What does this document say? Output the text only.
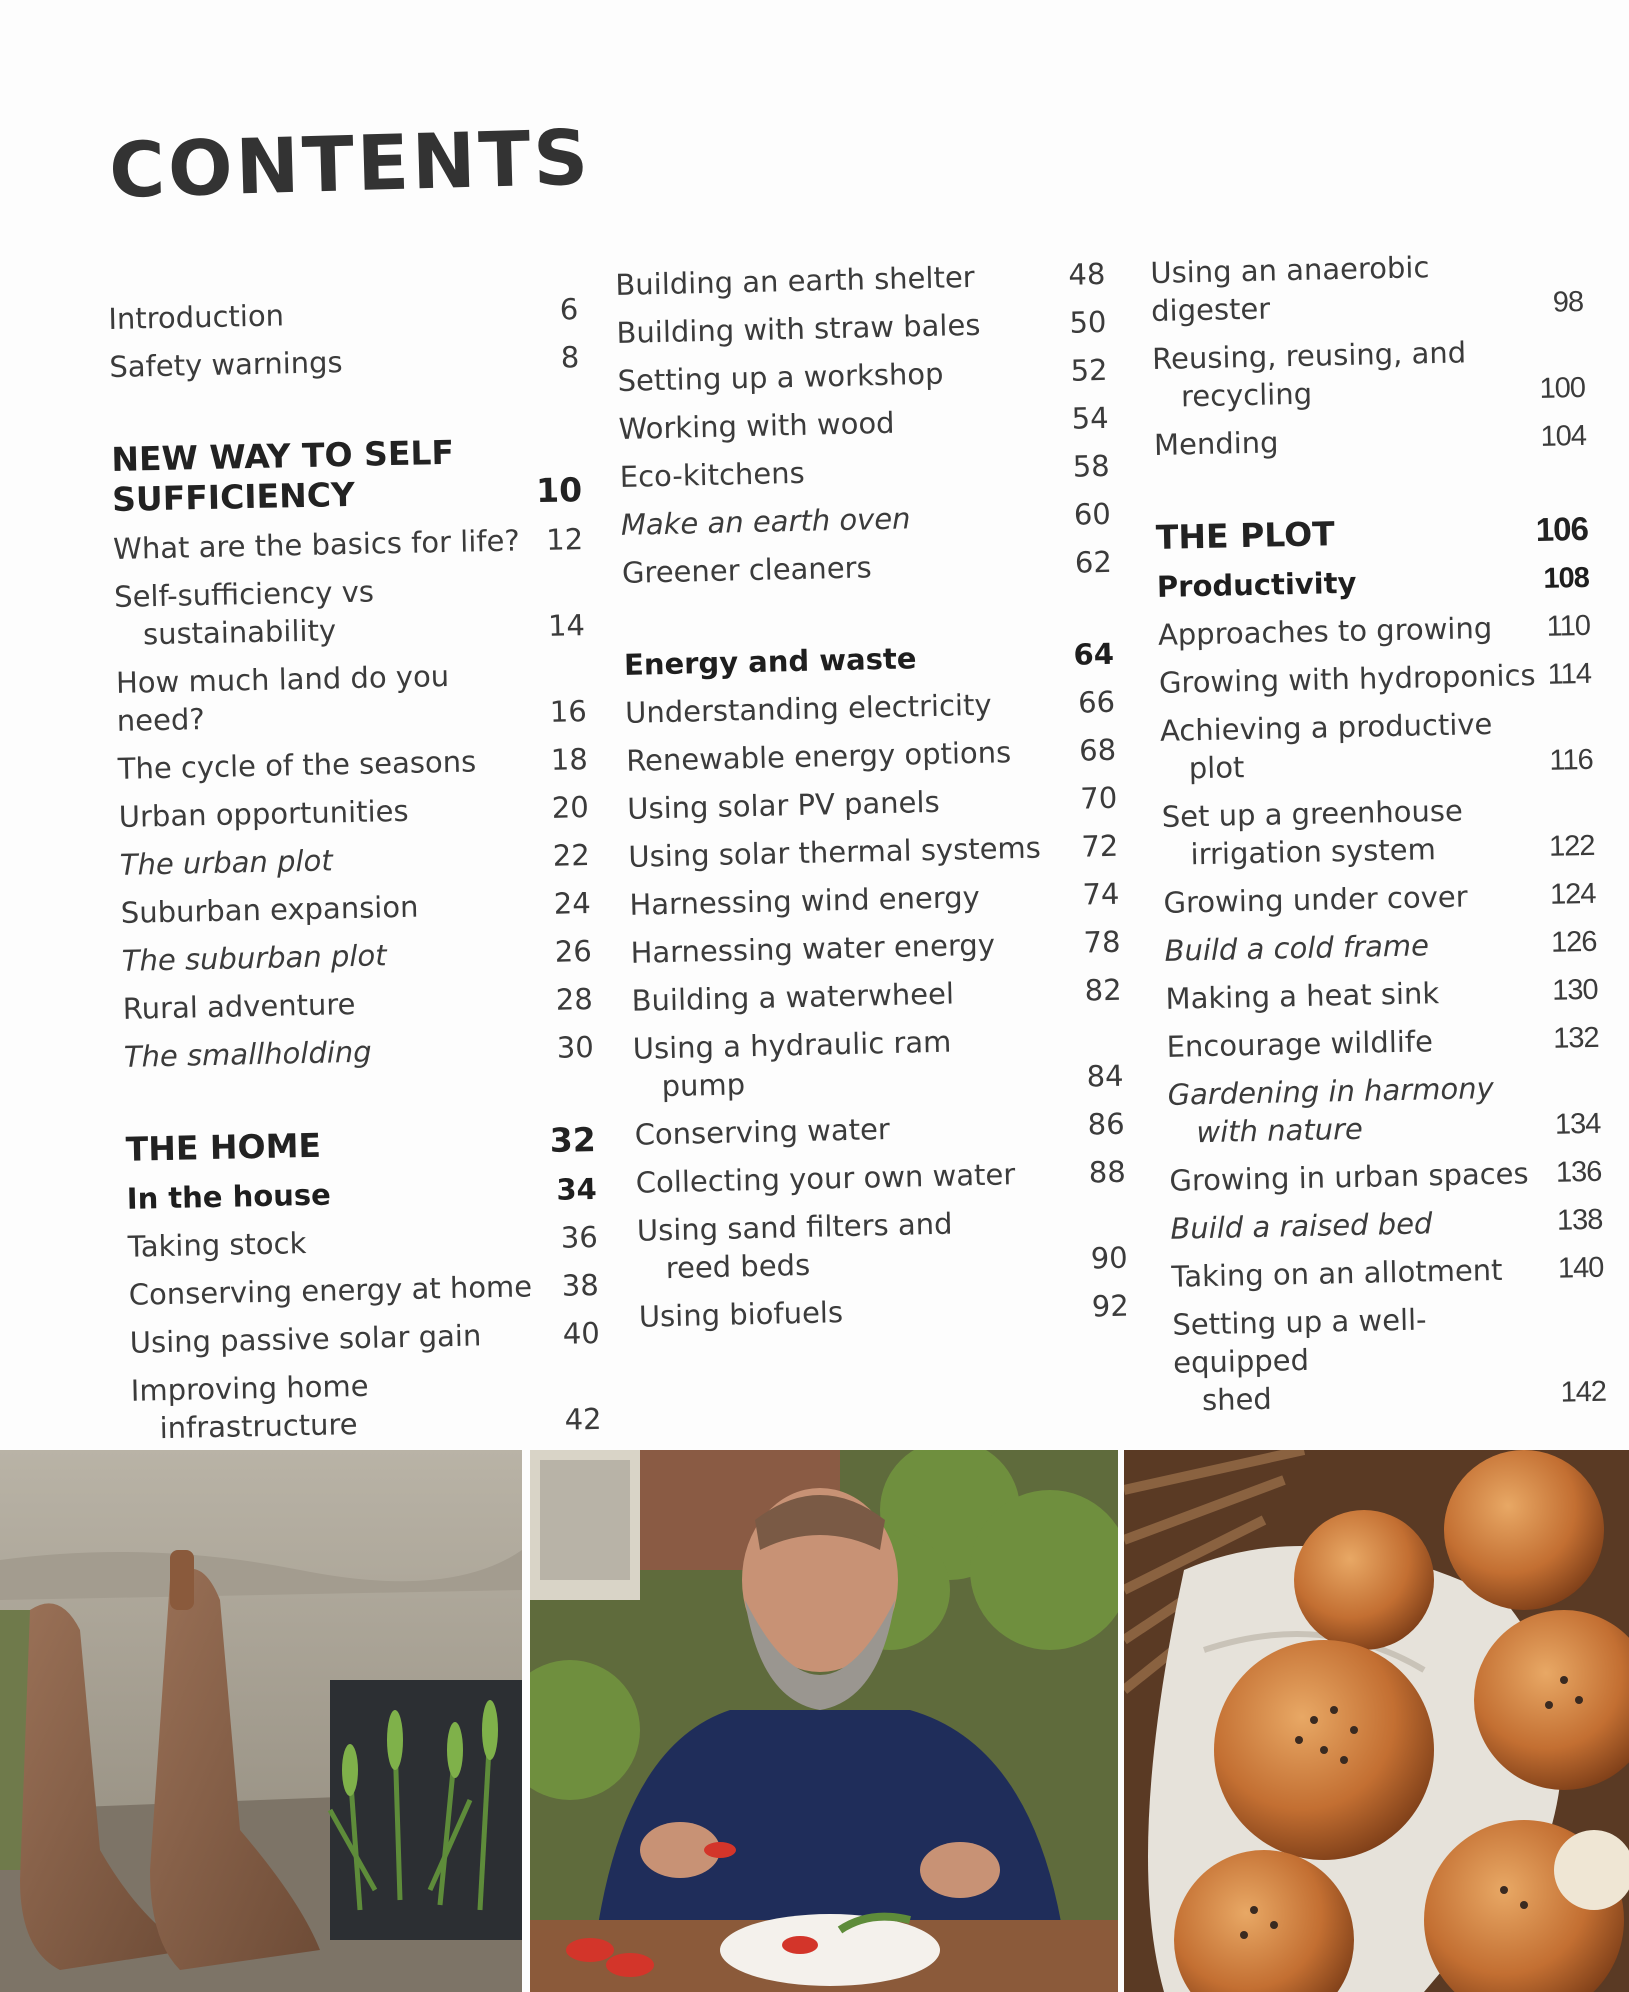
CONTENTS
Introduction	6
Safety warnings	8
NEW WAY TO SELF
SUFFICIENCY	10
What are the basics for life? 12
Self-sufficiency vs
sustainability	14
How much land do you need?	16
The cycle of the seasons	18
Urban opportunities	20
The urban plot	22
Suburban expansion	24
The suburban plot	26
Rural adventure	28
The smallholding	30
THE HOME	32
In the house	34
Taking stock	36
Conserving energy at home	38
Using passive solar gain	40
Improving home
infrastructure	42
Building an earth shelter	48
Building with straw bales	50
Setting up a workshop	52
Working with wood	54
Eco-kitchens	58
Make an earth oven	60
Greener cleaners	62
Energy and waste	64
Understanding electricity	66
Renewable energy options	68
Using solar PV panels	70
Using solar thermal systems	72
Harnessing wind energy	74
Harnessing water energy	78
Building a waterwheel	82
Using a hydraulic ram
pump	84
Conserving water	86
Collecting your own water	88
Using sand filters and
reed beds	90
Using biofuels	92
Using an anaerobic digester	98
Reusing, reusing, and
recycling	100
Mending	104
THE PLOT	106
Productivity	108
Approaches to growing	110
Growing with hydroponics 114
Achieving a productive
plot	116
Set up a greenhouse
irrigation system	122
Growing under cover	124
Build a cold frame	126
Making a heat sink	130
Encourage wildlife	132
Gardening in harmony
with nature	134
Growing in urban spaces 136
Build a raised bed	138
Taking on an allotment	140
Setting up a well-equipped
shed	142
